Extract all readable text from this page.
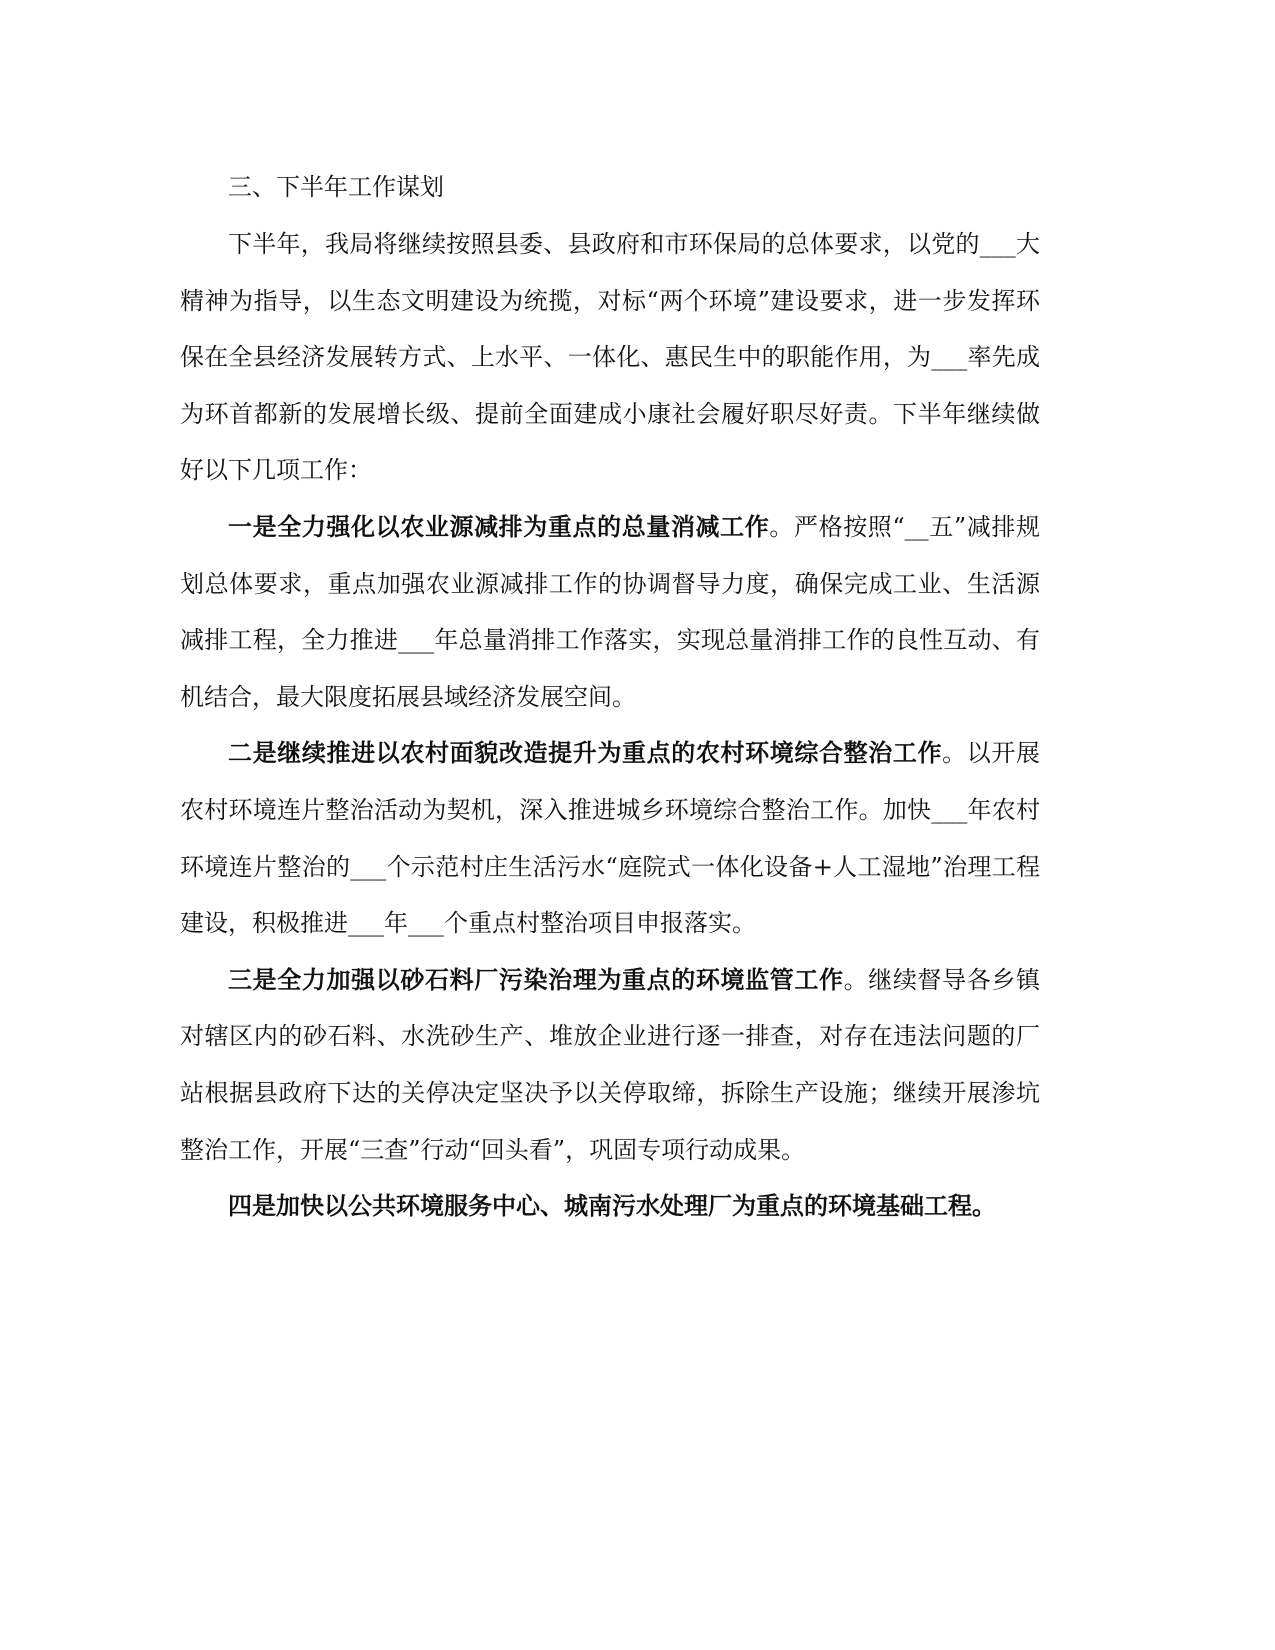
三、下半年工作谋划

下半年，我局将继续按照县委、县政府和市环保局的总体要求，以党的___大精神为指导，以生态文明建设为统揽，对标“两个环境”建设要求，进一步发挥环保在全县经济发展转方式、上水平、一体化、惠民生中的职能作用，为___率先成为环首都新的发展增长级、提前全面建成小康社会履好职尽好责。下半年继续做好以下几项工作：

一是全力强化以农业源减排为重点的总量消减工作。严格按照“__五”减排规划总体要求，重点加强农业源减排工作的协调督导力度，确保完成工业、生活源减排工程，全力推进___年总量消排工作落实，实现总量消排工作的良性互动、有机结合，最大限度拓展县域经济发展空间。

二是继续推进以农村面貌改造提升为重点的农村环境综合整治工作。以开展农村环境连片整治活动为契机，深入推进城乡环境综合整治工作。加快___年农村环境连片整治的___个示范村庄生活污水“庭院式一体化设备+人工湿地”治理工程建设，积极推进___年___个重点村整治项目申报落实。

三是全力加强以砂石料厂污染治理为重点的环境监管工作。继续督导各乡镇对辖区内的砂石料、水洗砂生产、堆放企业进行逐一排查，对存在违法问题的厂站根据县政府下达的关停决定坚决予以关停取缔，拆除生产设施；继续开展渗坑整治工作，开展“三查”行动“回头看”，巩固专项行动成果。

四是加快以公共环境服务中心、城南污水处理厂为重点的环境基础工程。
